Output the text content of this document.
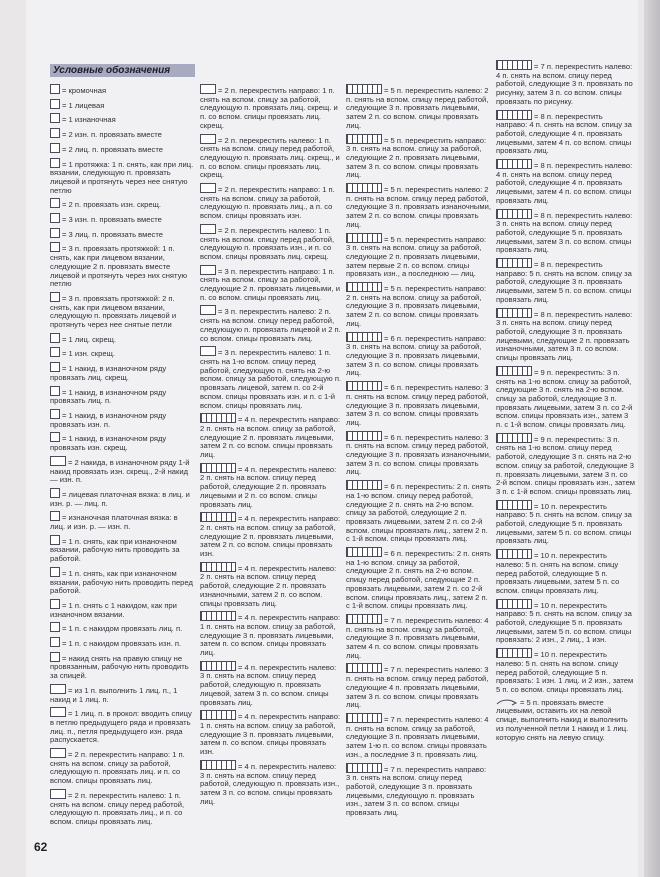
Условные обозначения
= кромочная
= 1 лицевая
= 1 изнаночная
= 2 изн. п. провязать вместе
= 2 лиц. п. провязать вместе
= 1 протяжка: 1 п. снять, как при лиц. вязании, следующую п. провязать лицевой и протянуть через нее снятую петлю
= 2 п. провязать изн. скрещ.
= 3 изн. п. провязать вместе
= 3 лиц. п. провязать вместе
= 3 п. провязать протяжкой: 1 п. снять, как при лицевом вязании, следующие 2 п. провязать вместе лицевой и протянуть через них снятую петлю
= 3 п. провязать протяжкой: 2 п. снять, как при лицевом вязании, следующую п. провязать лицевой и протянуть через нее снятые петли
= 1 лиц. скрещ.
= 1 изн. скрещ.
= 1 накид, в изнаночном ряду провязать лиц. скрещ.
= 1 накид, в изнаночном ряду провязать лиц. п.
= 1 накид, в изнаночном ряду провязать изн. п.
= 1 накид, в изнаночном ряду провязать изн. скрещ.
= 2 накида, в изнаночном ряду 1-й накид провязать изн. скрещ., 2-й накид — изн. п.
= лицевая платочная вязка: в лиц. и изн. р. — лиц. п.
= изнаночная платочная вязка: в лиц. и изн. р. — изн. п.
= 1 п. снять, как при изнаночном вязании, рабочую нить проводить за работой.
= 1 п. снять, как при изнаночном вязании, рабочую нить проводить перед работой.
= 1 п. снять с 1 накидом, как при изнаночном вязании.
= 1 п. с накидом провязать лиц. п.
= 1 п. с накидом провязать изн. п.
= накид снять на правую спицу не провязанным, рабочую нить проводить за спицей.
= из 1 п. выполнить 1 лиц. п., 1 накид и 1 лиц. п.
= 1 лиц. п. в прокол: вводить спицу в петлю предыдущего ряда и провязать лиц. п., петля предыдущего изн. ряда распускается.
= 2 п. перекрестить направо: 1 п. снять на вспом. спицу за работой, следующую п. провязать лиц. и п. со вспом. спицы провязать лиц.
= 2 п. перекрестить налево: 1 п. снять на вспом. спицу перед работой, следующую п. провязать лиц., и п. со вспом. спицы провязать лиц.
= 2 п. перекрестить направо: 1 п. снять на вспом. спицу за работой, следующую п. провязать лиц. скрещ. и п. со вспом. спицы провязать лиц. скрещ.
= 2 п. перекрестить налево: 1 п. снять на вспом. спицу перед работой, следующую п. провязать лиц. скрещ., и п. со вспом. спицы провязать лиц. скрещ.
= 2 п. перекрестить направо: 1 п. снять на вспом. спицу за работой, следующую п. провязать лиц., а п. со вспом. спицы провязать изн.
= 2 п. перекрестить налево: 1 п. снять на вспом. спицу перед работой, следующую п. провязать изн., и п. со вспом. спицы провязать лиц. скрещ.
= 3 п. перекрестить направо: 1 п. снять на вспом. спицу за работой, следующие 2 п. провязать лицевыми, и п. со вспом. спицы провязать лиц.
= 3 п. перекрестить налево: 2 п. снять на вспом. спицу перед работой, следующую п. провязать лицевой и 2 п. со вспом. спицы провязать лиц.
= 3 п. перекрестить налево: 1 п. снять на 1-ю вспом. спицу перед работой, следующую п. снять на 2-ю вспом. спицу за работой, следующую п. провязать лицевой, затем п. со 2-й вспом. спицы провязать изн. и п. с 1-й вспом. спицы провязать лиц.
= 4 п. перекрестить направо: 2 п. снять на вспом. спицу за работой, следующие 2 п. провязать лицевыми, затем 2 п. со вспом. спицы провязать лиц.
= 4 п. перекрестить налево: 2 п. снять на вспом. спицу перед работой, следующие 2 п. провязать лицевыми и 2 п. со вспом. спицы провязать лиц.
= 4 п. перекрестить направо: 2 п. снять на вспом. спицу за работой, следующие 2 п. провязать лицевыми, затем 2 п. со вспом. спицы провязать изн.
= 4 п. перекрестить налево: 2 п. снять на вспом. спицу перед работой, следующие 2 п. провязать изнаночными, затем 2 п. со вспом. спицы провязать лиц.
= 4 п. перекрестить направо: 1 п. снять на вспом. спицу за работой, следующие 3 п. провязать лицевыми, затем п. со вспом. спицы провязать лиц.
= 4 п. перекрестить налево: 3 п. снять на вспом. спицу перед работой, следующую п. провязать лицевой, затем 3 п. со вспом. спицы провязать лиц.
= 4 п. перекрестить направо: 1 п. снять на вспом. спицу за работой, следующие 3 п. провязать лицевыми, затем п. со вспом. спицы провязать изн.
= 4 п. перекрестить налево: 3 п. снять на вспом. спицу перед работой, следующую п. провязать изн., затем 3 п. со вспом. спицы провязать лиц.
= 5 п. перекрестить налево: 2 п. снять на вспом. спицу перед работой, следующие 3 п. провязать лицевыми, затем 2 п. со вспом. спицы провязать лиц.
= 5 п. перекрестить направо: 3 п. снять на вспом. спицу за работой, следующие 2 п. провязать лицевыми, затем 3 п. со вспом. спицы провязать лиц.
= 5 п. перекрестить налево: 2 п. снять на вспом. спицу перед работой, следующие 3 п. провязать изнаночными, затем 2 п. со вспом. спицы провязать лиц.
= 5 п. перекрестить направо: 3 п. снять на вспом. спицу за работой, следующие 2 п. провязать лицевыми, затем первые 2 п. со вспом. спицы провязать изн., а последнюю — лиц.
= 5 п. перекрестить направо: 2 п. снять на вспом. спицу за работой, следующие 3 п. провязать лицевыми, затем 2 п. со вспом. спицы провязать лиц.
= 6 п. перекрестить направо: 3 п. снять на вспом. спицу за работой, следующие 3 п. провязать лицевыми, затем 3 п. со вспом. спицы провязать лиц.
= 6 п. перекрестить налево: 3 п. снять на вспом. спицу перед работой, следующие 3 п. провязать лицевыми, затем 3 п. со вспом. спицы провязать лиц.
= 6 п. перекрестить налево: 3 п. снять на вспом. спицу перед работой, следующие 3 п. провязать изнаночными, затем 3 п. со вспом. спицы провязать лиц.
= 6 п. перекрестить: 2 п. снять на 1-ю вспом. спицу перед работой, следующие 2 п. снять на 2-ю вспом. спицу за работой, следующие 2 п. провязать лицевыми, затем 2 п. со 2-й вспом. спицы провязать лиц., затем 2 п. с 1-й вспом. спицы провязать лиц.
= 6 п. перекрестить: 2 п. снять на 1-ю вспом. спицу за работой, следующие 2 п. снять на 2-ю вспом. спицу перед работой, следующие 2 п. провязать лицевыми, затем 2 п. со 2-й вспом. спицы провязать лиц., затем 2 п. с 1-й вспом. спицы провязать лиц.
= 7 п. перекрестить налево: 4 п. снять на вспом. спицу за работой, следующие 3 п. провязать лицевыми, затем 4 п. со вспом. спицы провязать лиц.
= 7 п. перекрестить налево: 3 п. снять на вспом. спицу перед работой, следующие 4 п. провязать лицевыми, затем 3 п. со вспом. спицы провязать лиц.
= 7 п. перекрестить налево: 4 п. снять на вспом. спицу за работой, следующие 3 п. провязать лицевыми, затем 1-ю п. со вспом. спицы провязать изн., а последние 3 п. провязать лиц.
= 7 п. перекрестить направо: 3 п. снять на вспом. спицу перед работой, следующие 3 п. провязать лицевыми, следующую п. провязать изн., затем 3 п. со вспом. спицы провязать лиц.
= 7 п. перекрестить налево: 4 п. снять на вспом. спицу перед работой, следующие 3 п. провязать по рисунку, затем 3 п. со вспом. спицы провязать по рисунку.
= 8 п. перекрестить направо: 4 п. снять на вспом. спицу за работой, следующие 4 п. провязать лицевыми, затем 4 п. со вспом. спицы провязать лиц.
= 8 п. перекрестить налево: 4 п. снять на вспом. спицу перед работой, следующие 4 п. провязать лицевыми, затем 4 п. со вспом. спицы провязать лиц.
= 8 п. перекрестить налево: 3 п. снять на вспом. спицу перед работой, следующие 5 п. провязать лицевыми, затем 3 п. со вспом. спицы провязать лиц.
= 8 п. перекрестить направо: 5 п. снять на вспом. спицу за работой, следующие 3 п. провязать лицевыми, затем 5 п. со вспом. спицы провязать лиц.
= 8 п. перекрестить налево: 3 п. снять на вспом. спицу перед работой, следующие 3 п. провязать лицевыми, следующие 2 п. провязать изнаночными, затем 3 п. со вспом. спицы провязать лиц.
= 9 п. перекрестить: 3 п. снять на 1-ю вспом. спицу за работой, следующие 3 п. снять на 2-ю вспом. спицу за работой, следующие 3 п. провязать лицевыми, затем 3 п. со 2-й вспом. спицы провязать изн., затем 3 п. с 1-й вспом. спицы провязать лиц.
= 9 п. перекрестить: 3 п. снять на 1-ю вспом. спицу перед работой, следующие 3 п. снять на 2-ю вспом. спицу за работой, следующие 3 п. провязать лицевыми, затем 3 п. со 2-й вспом. спицы провязать изн., затем 3 п. с 1-й вспом. спицы провязать лиц.
= 10 п. перекрестить направо: 5 п. снять на вспом. спицу за работой, следующие 5 п. провязать лицевыми, затем 5 п. со вспом. спицы провязать лиц.
= 10 п. перекрестить налево: 5 п. снять на вспом. спицу перед работой, следующие 5 п. провязать лицевыми, затем 5 п. со вспом. спицы провязать лиц.
= 10 п. перекрестить направо: 5 п. снять на вспом. спицу за работой, следующие 5 п. провязать лицевыми, затем 5 п. со вспом. спицы провязать: 2 изн., 2 лиц., 1 изн.
= 10 п. перекрестить налево: 5 п. снять на вспом. спицу перед работой, следующие 5 п. провязать: 1 изн. 1 лиц. и 2 изн., затем 5 п. со вспом. спицы провязать лиц.
= 5 п. провязать вместе лицевыми, оставить их на левой спице, выполнить накид и выполнить из полученной петли 1 накид и 1 лиц. которую снять на левую спицу.
62
